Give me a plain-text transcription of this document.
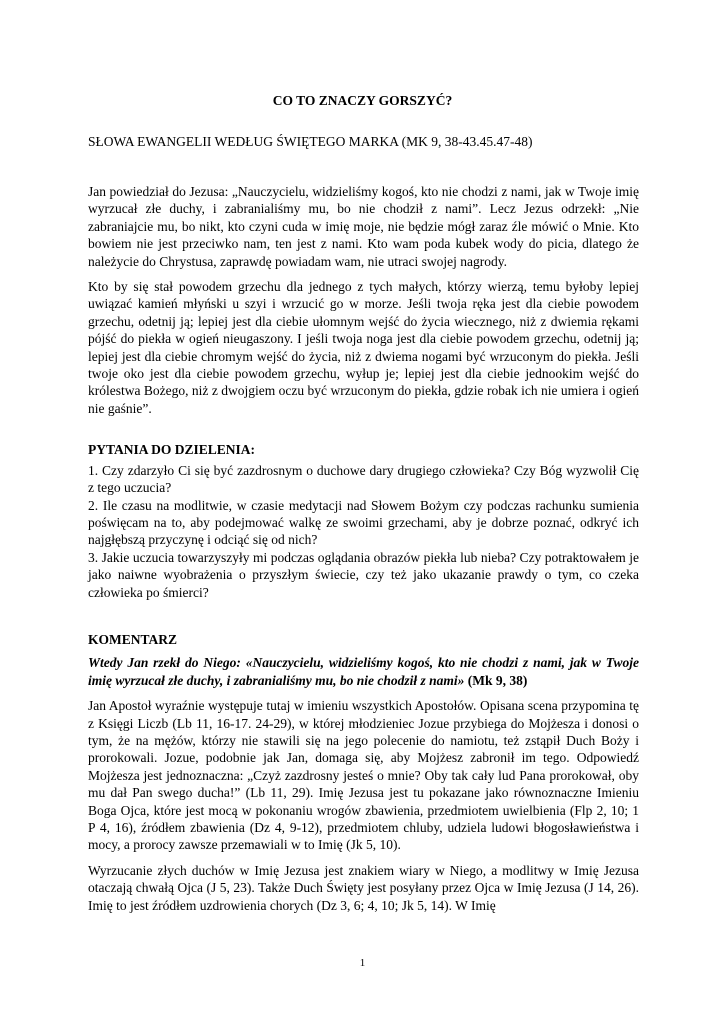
CO TO ZNACZY GORSZYĆ?
SŁOWA EWANGELII WEDŁUG ŚWIĘTEGO MARKA (MK 9, 38-43.45.47-48)

Jan powiedział do Jezusa: „Nauczycielu, widzieliśmy kogoś, kto nie chodzi z nami, jak w Twoje imię wyrzucał złe duchy, i zabranialiśmy mu, bo nie chodził z nami”. Lecz Jezus odrzekł: „Nie zabraniajcie mu, bo nikt, kto czyni cuda w imię moje, nie będzie mógł zaraz źle mówić o Mnie. Kto bowiem nie jest przeciwko nam, ten jest z nami. Kto wam poda kubek wody do picia, dlatego że należycie do Chrystusa, zaprawdę powiadam wam, nie utraci swojej nagrody.

Kto by się stał powodem grzechu dla jednego z tych małych, którzy wierzą, temu byłoby lepiej uwiązać kamień młyński u szyi i wrzucić go w morze. Jeśli twoja ręka jest dla ciebie powodem grzechu, odetnij ją; lepiej jest dla ciebie ułomnym wejść do życia wiecznego, niż z dwiemia rękami pójść do piekła w ogień nieugaszony. I jeśli twoja noga jest dla ciebie powodem grzechu, odetnij ją; lepiej jest dla ciebie chromym wejść do życia, niż z dwiema nogami być wrzuconym do piekła. Jeśli twoje oko jest dla ciebie powodem grzechu, wyłup je; lepiej jest dla ciebie jednookim wejść do królestwa Bożego, niż z dwojgiem oczu być wrzuconym do piekła, gdzie robak ich nie umiera i ogień nie gaśnie”.

PYTANIA DO DZIELENIA:

1. Czy zdarzyło Ci się być zazdrosnym o duchowe dary drugiego człowieka? Czy Bóg wyzwolił Cię z tego uczucia?

2. Ile czasu na modlitwie, w czasie medytacji nad Słowem Bożym czy podczas rachunku sumienia poświęcam na to, aby podejmować walkę ze swoimi grzechami, aby je dobrze poznać, odkryć ich najgłębszą przyczynę i odciąć się od nich?

3. Jakie uczucia towarzyszyły mi podczas oglądania obrazów piekła lub nieba? Czy potraktowałem je jako naiwne wyobrażenia o przyszłym świecie, czy też jako ukazanie prawdy o tym, co czeka człowieka po śmierci?

KOMENTARZ

Wtedy Jan rzekł do Niego: «Nauczycielu, widzieliśmy kogoś, kto nie chodzi z nami, jak w Twoje imię wyrzucał złe duchy, i zabranialiśmy mu, bo nie chodził z nami» (Mk 9, 38)

Jan Apostoł wyraźnie występuje tutaj w imieniu wszystkich Apostołów. Opisana scena przypomina tę z Księgi Liczb (Lb 11, 16-17. 24-29), w której młodzieniec Jozue przybiega do Mojżesza i donosi o tym, że na mężów, którzy nie stawili się na jego polecenie do namiotu, też zstąpił Duch Boży i prorokowali. Jozue, podobnie jak Jan, domaga się, aby Mojżesz zabronił im tego. Odpowiedź Mojżesza jest jednoznaczna: „Czyż zazdrosny jesteś o mnie? Oby tak cały lud Pana prorokował, oby mu dał Pan swego ducha!” (Lb 11, 29). Imię Jezusa jest tu pokazane jako równoznaczne Imieniu Boga Ojca, które jest mocą w pokonaniu wrogów zbawienia, przedmiotem uwielbienia (Flp 2, 10; 1 P 4, 16), źródłem zbawienia (Dz 4, 9-12), przedmiotem chluby, udziela ludowi błogosławieństwa i mocy, a prorocy zawsze przemawiali w to Imię (Jk 5, 10).

Wyrzucanie złych duchów w Imię Jezusa jest znakiem wiary w Niego, a modlitwy w Imię Jezusa otaczają chwałą Ojca (J 5, 23). Także Duch Święty jest posyłany przez Ojca w Imię Jezusa (J 14, 26). Imię to jest źródłem uzdrowienia chorych (Dz 3, 6; 4, 10; Jk 5, 14). W Imię

1
